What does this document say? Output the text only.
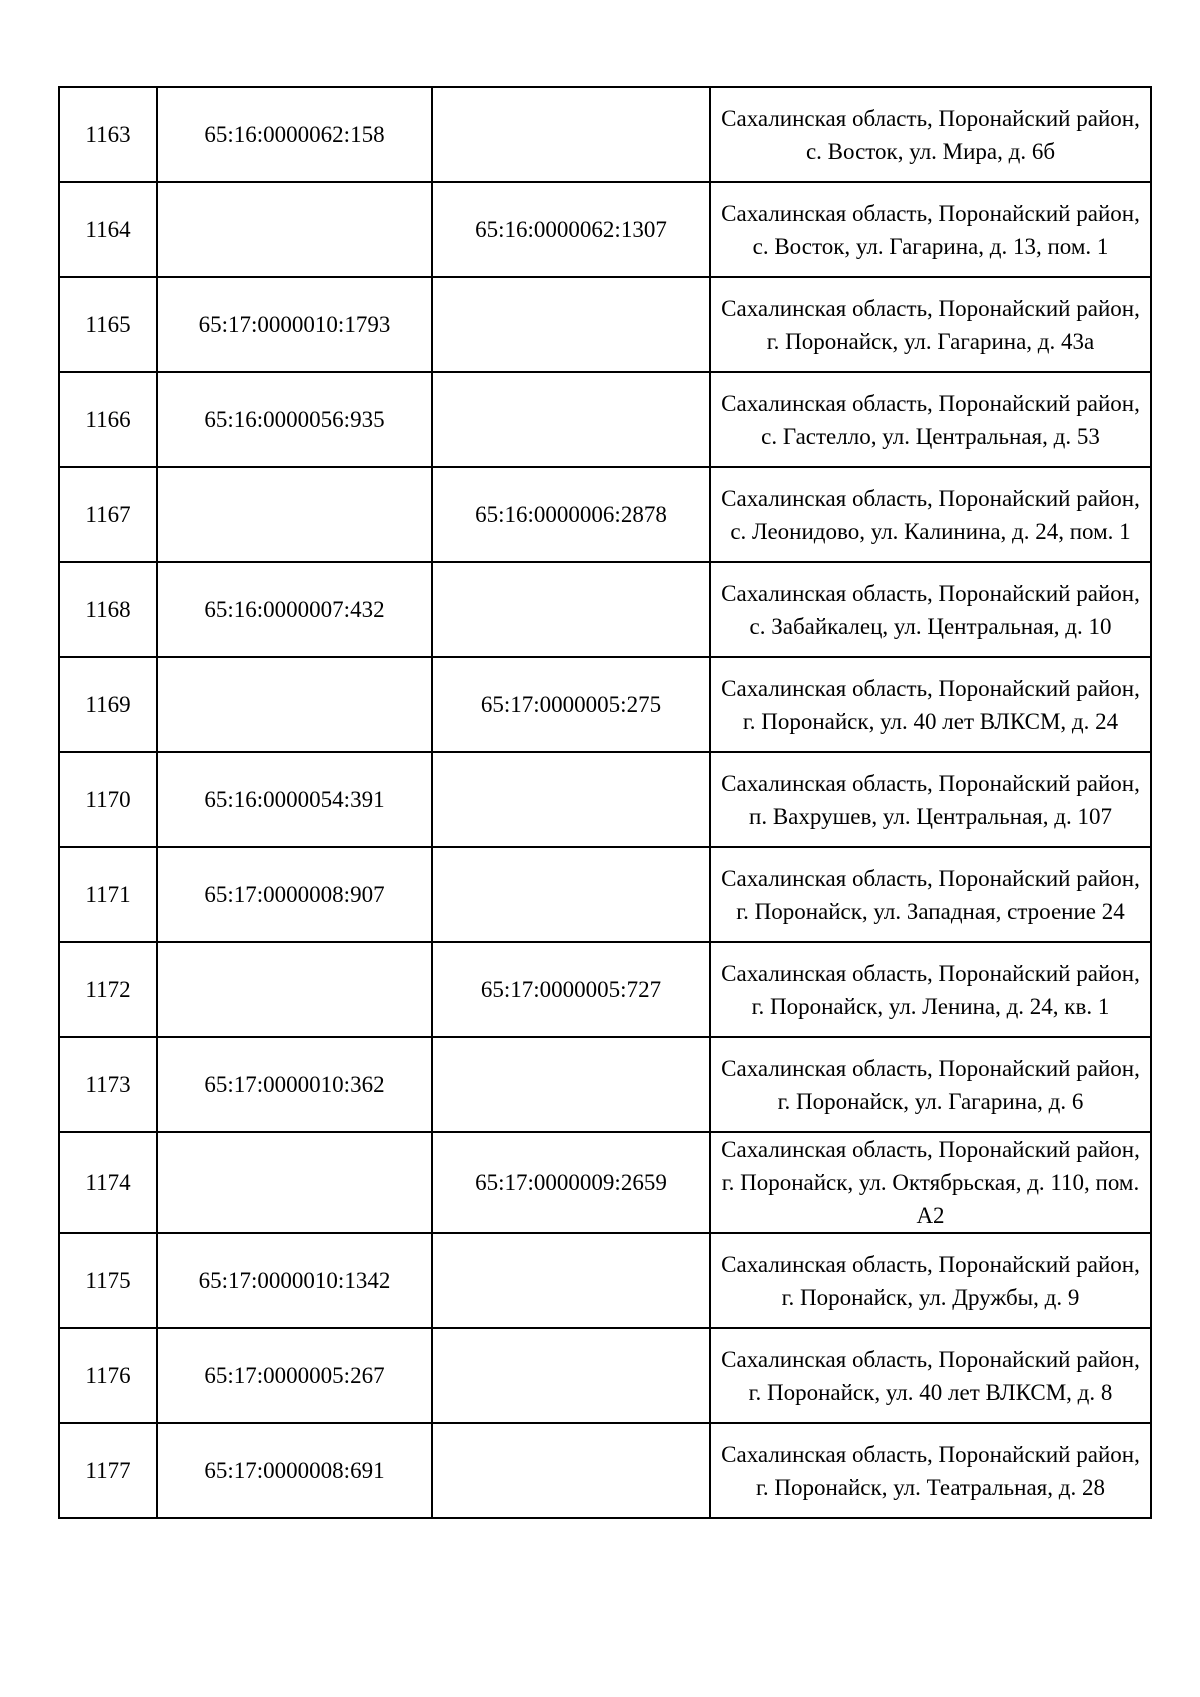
1163	65:16:0000062:158		Сахалинская область, Поронайский район, с. Восток, ул. Мира, д. 6б
1164		65:16:0000062:1307	Сахалинская область, Поронайский район, с. Восток, ул. Гагарина, д. 13, пом. 1
1165	65:17:0000010:1793		Сахалинская область, Поронайский район, г. Поронайск, ул. Гагарина, д. 43а
1166	65:16:0000056:935		Сахалинская область, Поронайский район, с. Гастелло, ул. Центральная, д. 53
1167		65:16:0000006:2878	Сахалинская область, Поронайский район, с. Леонидово, ул. Калинина, д. 24, пом. 1
1168	65:16:0000007:432		Сахалинская область, Поронайский район, с. Забайкалец, ул. Центральная, д. 10
1169		65:17:0000005:275	Сахалинская область, Поронайский район, г. Поронайск, ул. 40 лет ВЛКСМ, д. 24
1170	65:16:0000054:391		Сахалинская область, Поронайский район, п. Вахрушев, ул. Центральная, д. 107
1171	65:17:0000008:907		Сахалинская область, Поронайский район, г. Поронайск, ул. Западная, строение 24
1172		65:17:0000005:727	Сахалинская область, Поронайский район, г. Поронайск, ул. Ленина, д. 24, кв. 1
1173	65:17:0000010:362		Сахалинская область, Поронайский район, г. Поронайск, ул. Гагарина, д. 6
1174		65:17:0000009:2659	Сахалинская область, Поронайский район, г. Поронайск, ул. Октябрьская, д. 110, пом. А2
1175	65:17:0000010:1342		Сахалинская область, Поронайский район, г. Поронайск, ул. Дружбы, д. 9
1176	65:17:0000005:267		Сахалинская область, Поронайский район, г. Поронайск, ул. 40 лет ВЛКСМ, д. 8
1177	65:17:0000008:691		Сахалинская область, Поронайский район, г. Поронайск, ул. Театральная, д. 28
